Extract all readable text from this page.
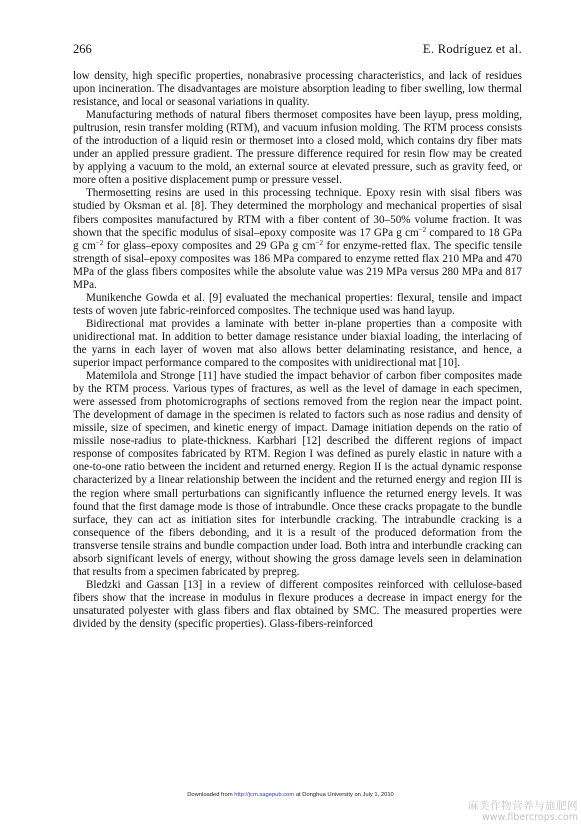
266	E. Rodríguez et al.

low density, high specific properties, nonabrasive processing characteristics, and lack of residues upon incineration. The disadvantages are moisture absorption leading to fiber swelling, low thermal resistance, and local or seasonal variations in quality.

Manufacturing methods of natural fibers thermoset composites have been layup, press molding, pultrusion, resin transfer molding (RTM), and vacuum infusion molding. The RTM process consists of the introduction of a liquid resin or thermoset into a closed mold, which contains dry fiber mats under an applied pressure gradient. The pressure difference required for resin flow may be created by applying a vacuum to the mold, an external source at elevated pressure, such as gravity feed, or more often a positive displacement pump or pressure vessel.

Thermosetting resins are used in this processing technique. Epoxy resin with sisal fibers was studied by Oksman et al. [8]. They determined the morphology and mechanical properties of sisal fibers composites manufactured by RTM with a fiber content of 30–50% volume fraction. It was shown that the specific modulus of sisal–epoxy composite was 17 GPa g $cm^{-2}$ compared to 18 GPa g $cm^{-2}$ for glass–epoxy composites and 29 GPa g $cm^{-2}$ for enzyme-retted flax. The specific tensile strength of sisal–epoxy composites was 186 MPa compared to enzyme retted flax 210 MPa and 470 MPa of the glass fibers composites while the absolute value was 219 MPa versus 280 MPa and 817 MPa.

Munikenche Gowda et al. [9] evaluated the mechanical properties: flexural, tensile and impact tests of woven jute fabric-reinforced composites. The technique used was hand layup.

Bidirectional mat provides a laminate with better in-plane properties than a composite with unidirectional mat. In addition to better damage resistance under biaxial loading, the interlacing of the yarns in each layer of woven mat also allows better delaminating resistance, and hence, a superior impact performance compared to the composites with unidirectional mat [10].

Matemilola and Stronge [11] have studied the impact behavior of carbon fiber composites made by the RTM process. Various types of fractures, as well as the level of damage in each specimen, were assessed from photomicrographs of sections removed from the region near the impact point. The development of damage in the specimen is related to factors such as nose radius and density of missile, size of specimen, and kinetic energy of impact. Damage initiation depends on the ratio of missile nose-radius to plate-thickness. Karbhari [12] described the different regions of impact response of composites fabricated by RTM. Region I was defined as purely elastic in nature with a one-to-one ratio between the incident and returned energy. Region II is the actual dynamic response characterized by a linear relationship between the incident and the returned energy and region III is the region where small perturbations can significantly influence the returned energy levels. It was found that the first damage mode is those of intrabundle. Once these cracks propagate to the bundle surface, they can act as initiation sites for interbundle cracking. The intrabundle cracking is a consequence of the fibers debonding, and it is a result of the produced deformation from the transverse tensile strains and bundle compaction under load. Both intra and interbundle cracking can absorb significant levels of energy, without showing the gross damage levels seen in delamination that results from a specimen fabricated by prepreg.

Bledzki and Gassan [13] in a review of different composites reinforced with cellulose-based fibers show that the increase in modulus in flexure produces a decrease in impact energy for the unsaturated polyester with glass fibers and flax obtained by SMC. The measured properties were divided by the density (specific properties). Glass-fibers-reinforced

Downloaded from http://jcm.sagepub.com at Donghua University on July 1, 2010
麻类作物营养与施肥网
www.fibercrops.com
